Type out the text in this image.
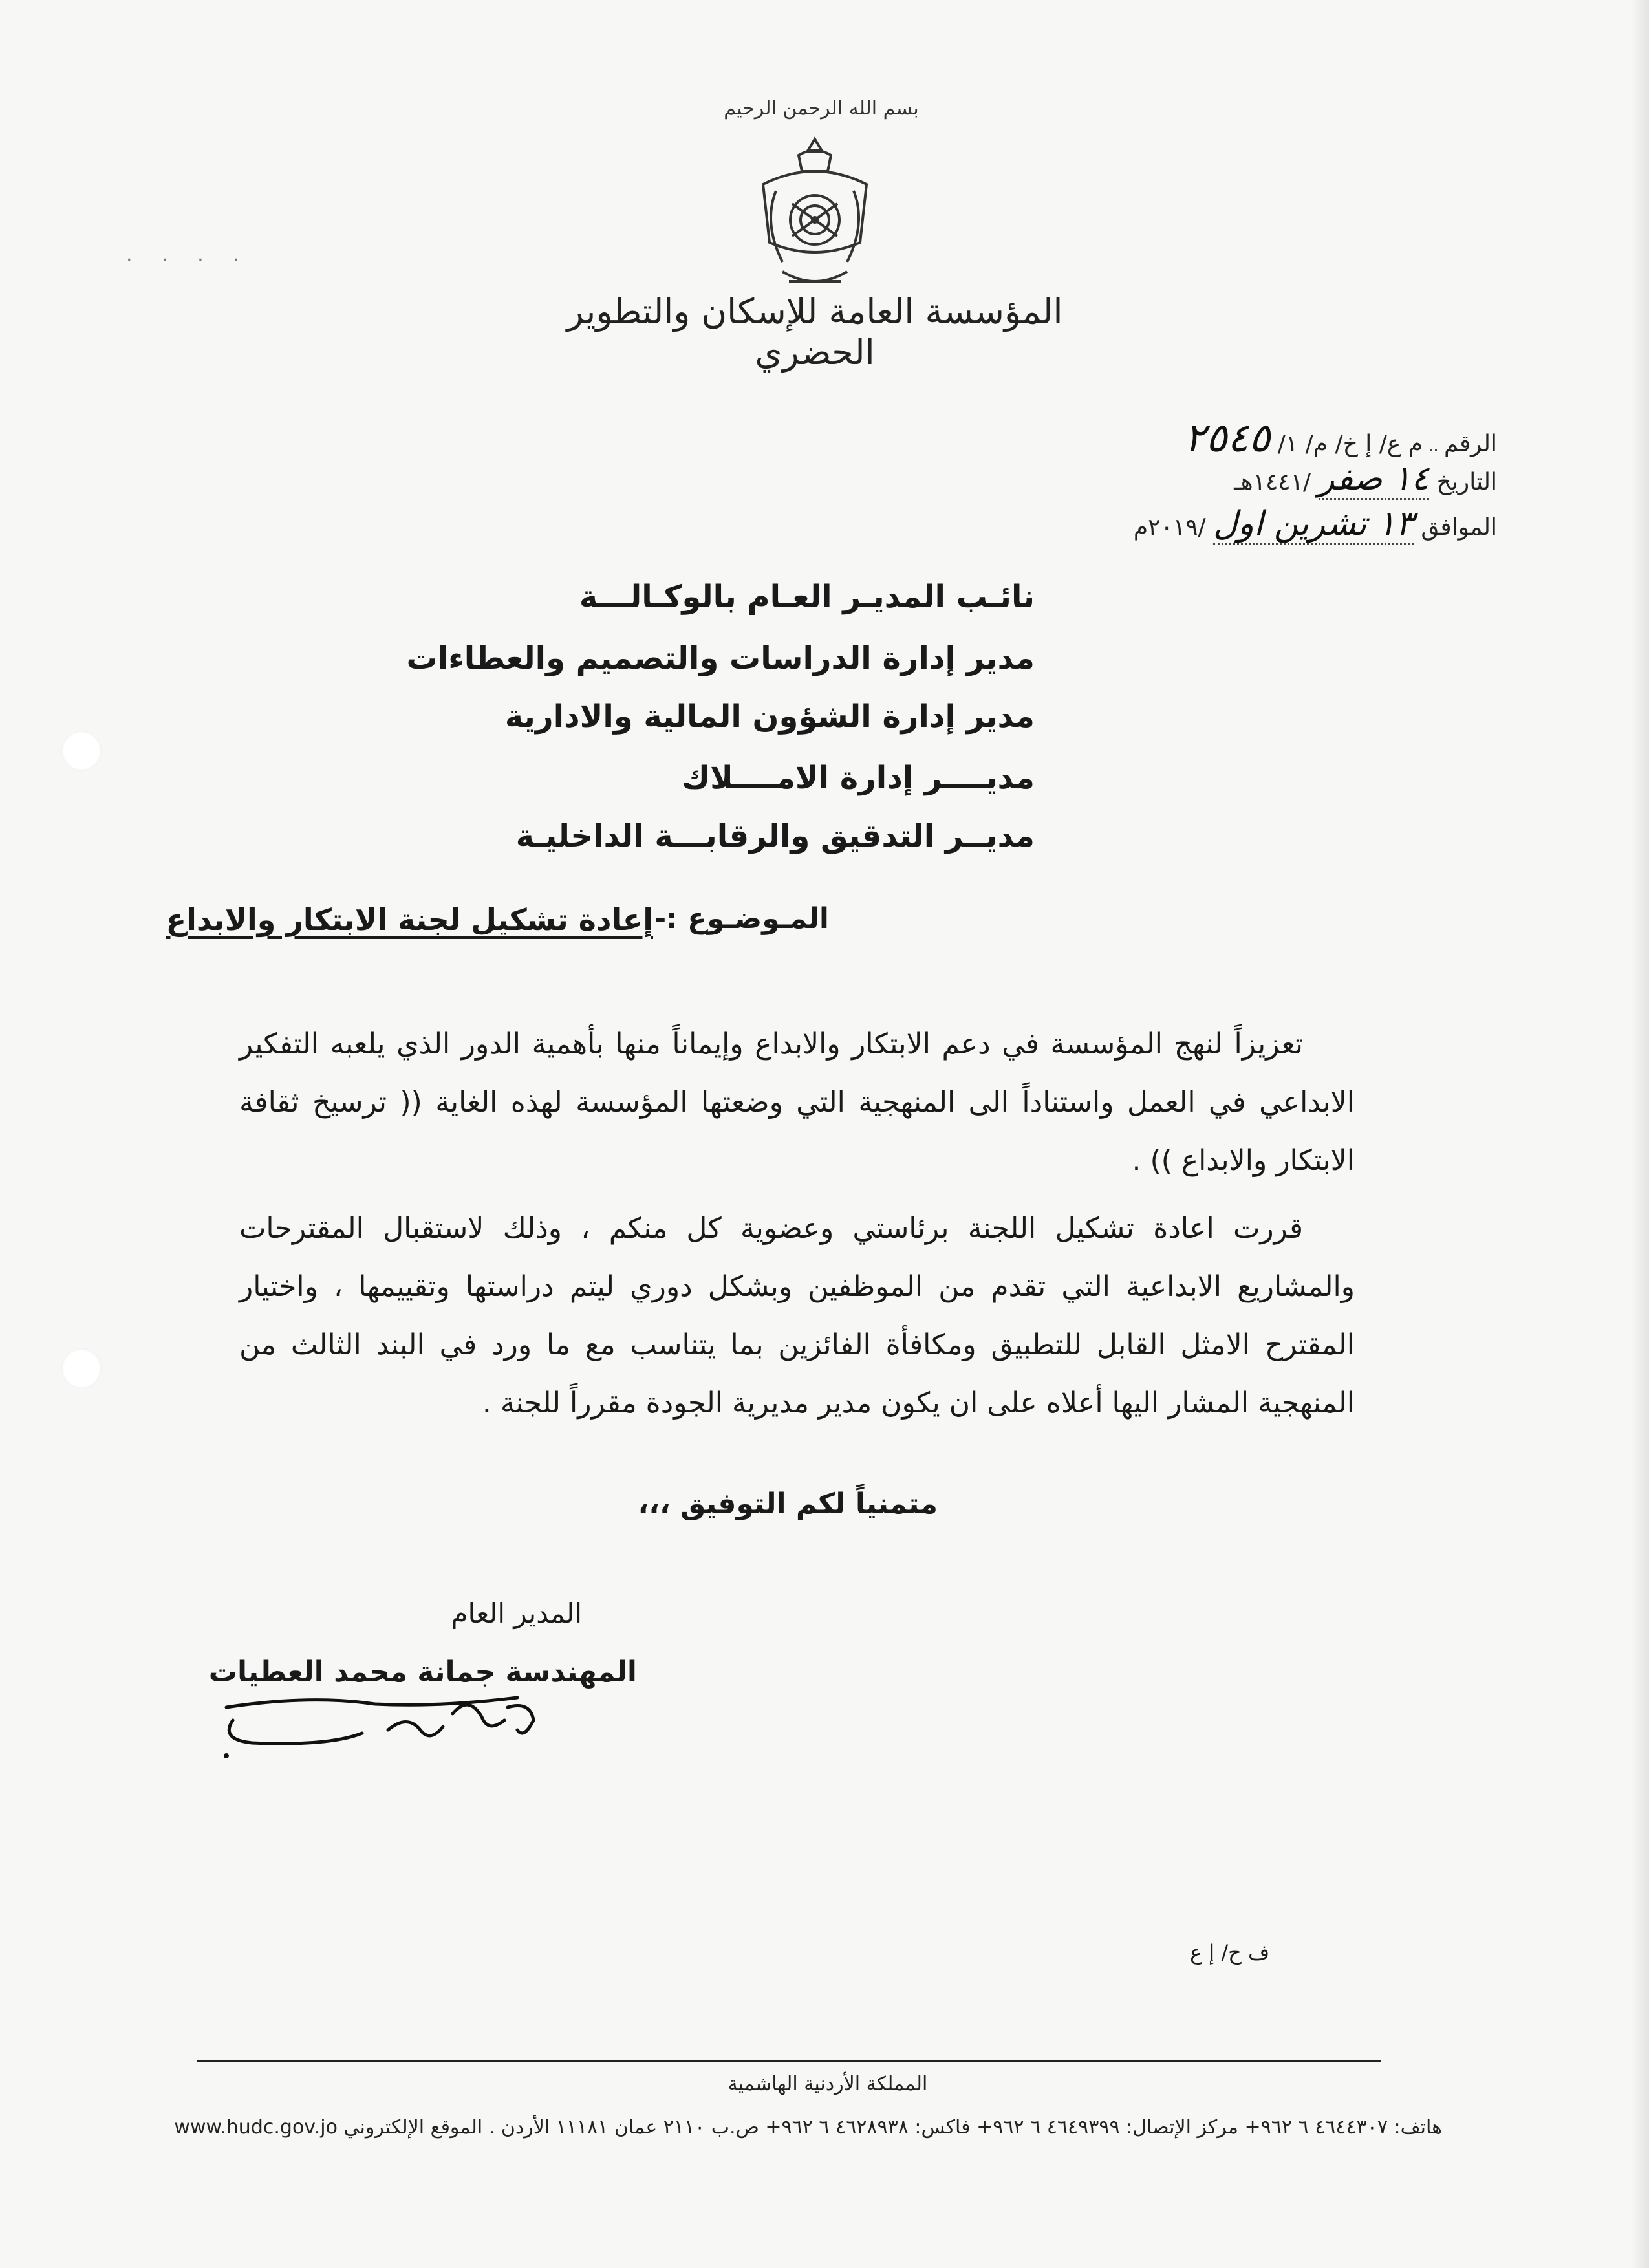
· · · ·
بسم الله الرحمن الرحيم
المؤسسة العامة للإسكان والتطوير الحضري
الرقم  م ع/ إ خ/ م/ ١/ ٢٥٤٥
التاريخ ١٤ صفر /١٤٤١هـ
الموافق ١٣ تشرين اول /٢٠١٩م
نائـب المديـر العـام بالوكـالـــة
مدير إدارة الدراسات والتصميم والعطاءات
مدير إدارة الشؤون المالية والادارية
مديــــر إدارة الامــــلاك
مديــر التدقيق والرقابـــة الداخليـة
المـوضـوع :-
إعادة تشكيل لجنة الابتكار والابداع
تعزيزاً لنهج المؤسسة في دعم الابتكار والابداع وإيماناً منها بأهمية الدور الذي يلعبه التفكير الابداعي في العمل واستناداً الى المنهجية التي وضعتها المؤسسة لهذه الغاية (( ترسيخ ثقافة الابتكار والابداع )) .
قررت اعادة تشكيل اللجنة برئاستي وعضوية كل منكم ، وذلك لاستقبال المقترحات والمشاريع الابداعية التي تقدم من الموظفين وبشكل دوري ليتم دراستها وتقييمها ، واختيار المقترح الامثل القابل للتطبيق ومكافأة الفائزين بما يتناسب مع ما ورد في البند الثالث من المنهجية المشار اليها أعلاه على ان يكون مدير مديرية الجودة مقرراً للجنة .
متمنياً لكم التوفيق ،،،
المدير العام
المهندسة جمانة محمد العطيات
ف ح/ إ ع
المملكة الأردنية الهاشمية
هاتف: ٤٦٤٤٣٠٧ ٦ ٩٦٢+ مركز الإتصال: ٤٦٤٩٣٩٩ ٦ ٩٦٢+ فاكس: ٤٦٢٨٩٣٨ ٦ ٩٦٢+ ص.ب ٢١١٠ عمان ١١١٨١ الأردن . الموقع الإلكتروني www.hudc.gov.jo
